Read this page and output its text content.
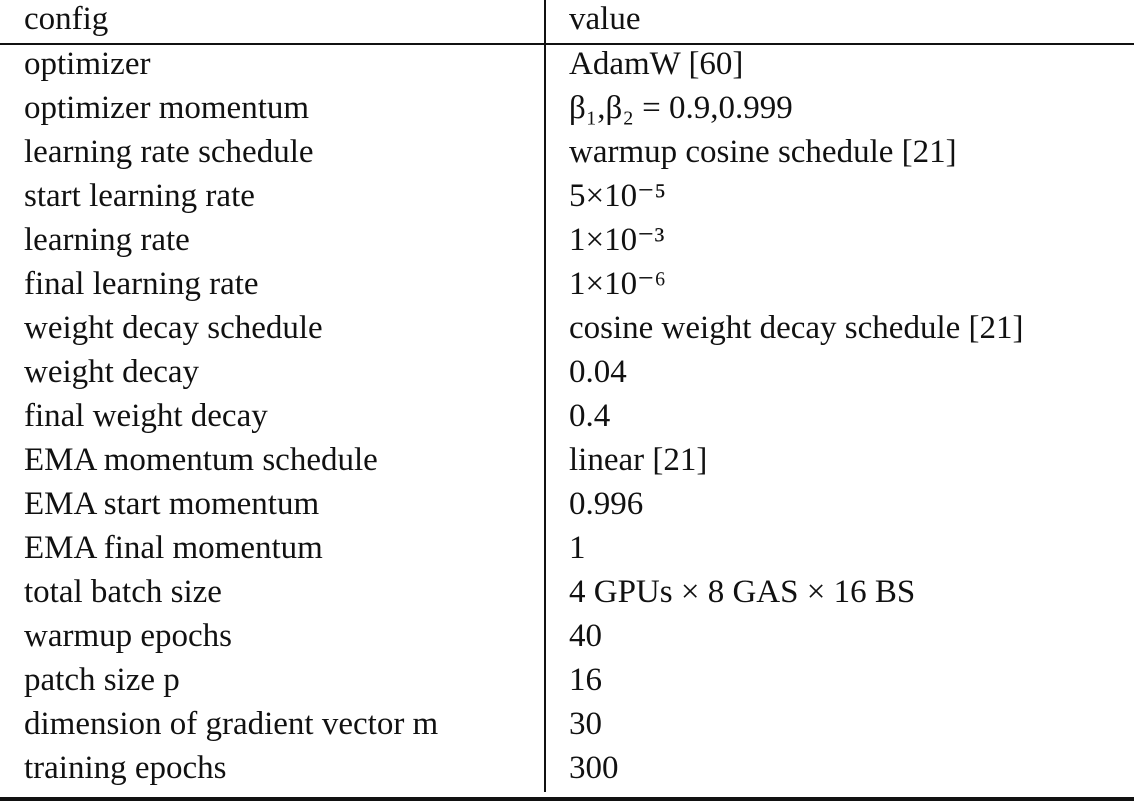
config	value
optimizer	AdamW [60]
optimizer momentum	β₁,β₂ = 0.9,0.999
learning rate schedule	warmup cosine schedule [21]
start learning rate	5×10⁻⁵
learning rate	1×10⁻³
final learning rate	1×10⁻⁶
weight decay schedule	cosine weight decay schedule [21]
weight decay	0.04
final weight decay	0.4
EMA momentum schedule	linear [21]
EMA start momentum	0.996
EMA final momentum	1
total batch size	4 GPUs × 8 GAS × 16 BS
warmup epochs	40
patch size p	16
dimension of gradient vector m	30
training epochs	300
